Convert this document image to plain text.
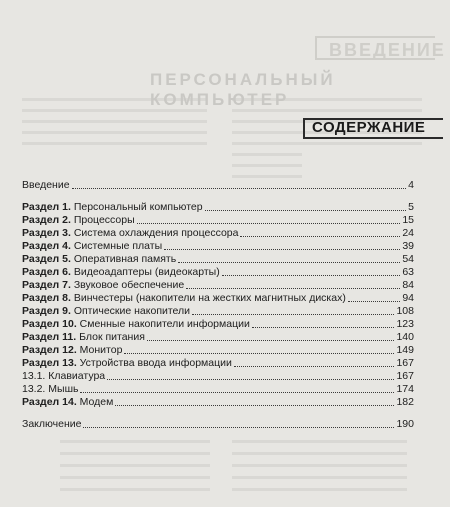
ВВЕДЕНИЕ
ПЕРСОНАЛЬНЫЙ КОМПЬЮТЕР
СОДЕРЖАНИЕ
Введение	4
Раздел 1. Персональный компьютер	5
Раздел 2. Процессоры	15
Раздел 3. Система охлаждения процессора	24
Раздел 4. Системные платы	39
Раздел 5. Оперативная память	54
Раздел 6. Видеоадаптеры (видеокарты)	63
Раздел 7. Звуковое обеспечение	84
Раздел 8. Винчестеры (накопители на жестких магнитных дисках)	94
Раздел 9. Оптические накопители	108
Раздел 10. Сменные накопители информации	123
Раздел 11. Блок питания	140
Раздел 12. Монитор	149
Раздел 13. Устройства ввода информации	167
13.1. Клавиатура	167
13.2. Мышь	174
Раздел 14. Модем	182
Заключение	190
